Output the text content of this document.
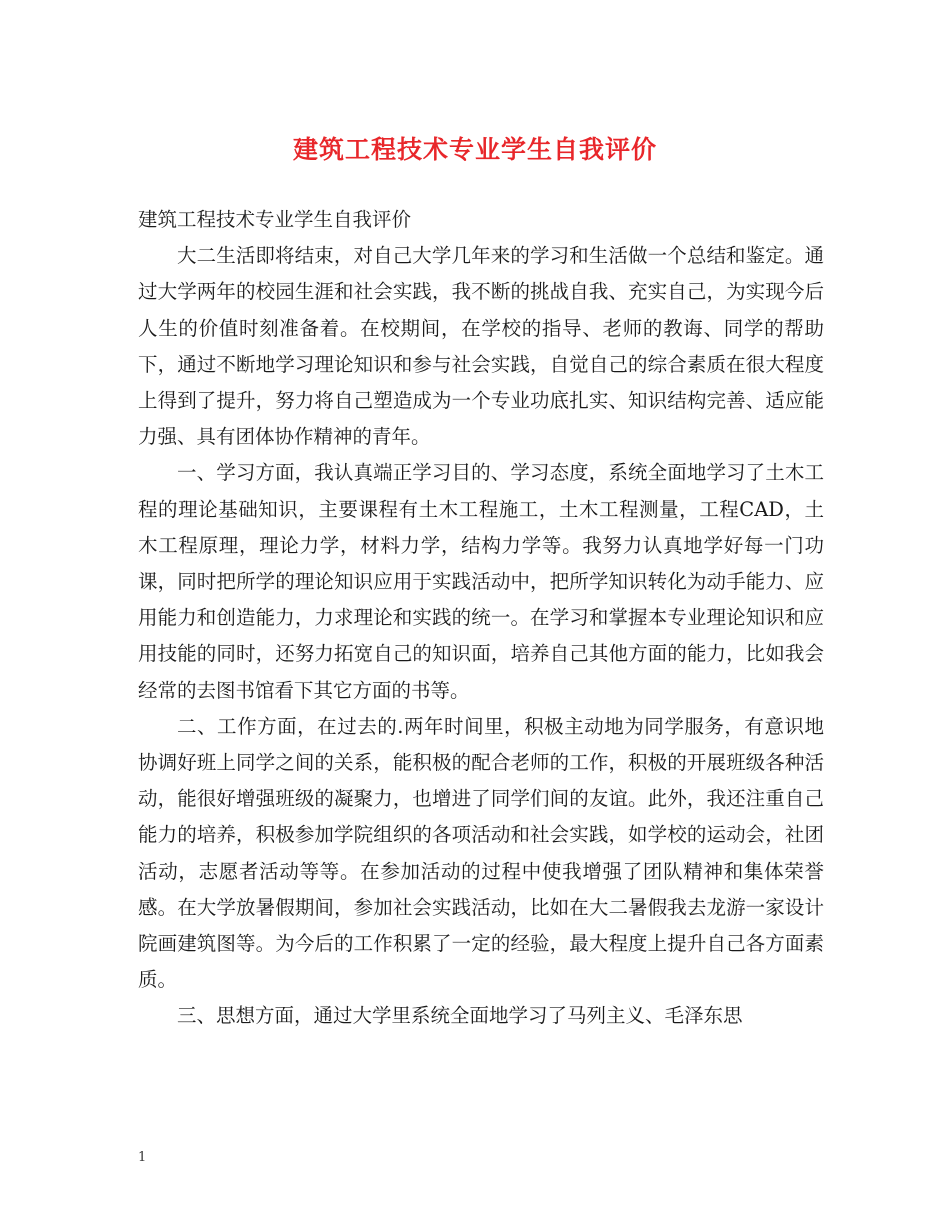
建筑工程技术专业学生自我评价

建筑工程技术专业学生自我评价

大二生活即将结束，对自己大学几年来的学习和生活做一个总结和鉴定。通过大学两年的校园生涯和社会实践，我不断的挑战自我、充实自己，为实现今后人生的价值时刻准备着。在校期间，在学校的指导、老师的教诲、同学的帮助下，通过不断地学习理论知识和参与社会实践，自觉自己的综合素质在很大程度上得到了提升，努力将自己塑造成为一个专业功底扎实、知识结构完善、适应能力强、具有团体协作精神的青年。

一、学习方面，我认真端正学习目的、学习态度，系统全面地学习了土木工程的理论基础知识，主要课程有土木工程施工，土木工程测量，工程CAD，土木工程原理，理论力学，材料力学，结构力学等。我努力认真地学好每一门功课，同时把所学的理论知识应用于实践活动中，把所学知识转化为动手能力、应用能力和创造能力，力求理论和实践的统一。在学习和掌握本专业理论知识和应用技能的同时，还努力拓宽自己的知识面，培养自己其他方面的能力，比如我会经常的去图书馆看下其它方面的书等。

二、工作方面，在过去的.两年时间里，积极主动地为同学服务，有意识地协调好班上同学之间的关系，能积极的配合老师的工作，积极的开展班级各种活动，能很好增强班级的凝聚力，也增进了同学们间的友谊。此外，我还注重自己能力的培养，积极参加学院组织的各项活动和社会实践，如学校的运动会，社团活动，志愿者活动等等。在参加活动的过程中使我增强了团队精神和集体荣誉感。在大学放暑假期间，参加社会实践活动，比如在大二暑假我去龙游一家设计院画建筑图等。为今后的工作积累了一定的经验，最大程度上提升自己各方面素质。

三、思想方面，通过大学里系统全面地学习了马列主义、毛泽东思

1
